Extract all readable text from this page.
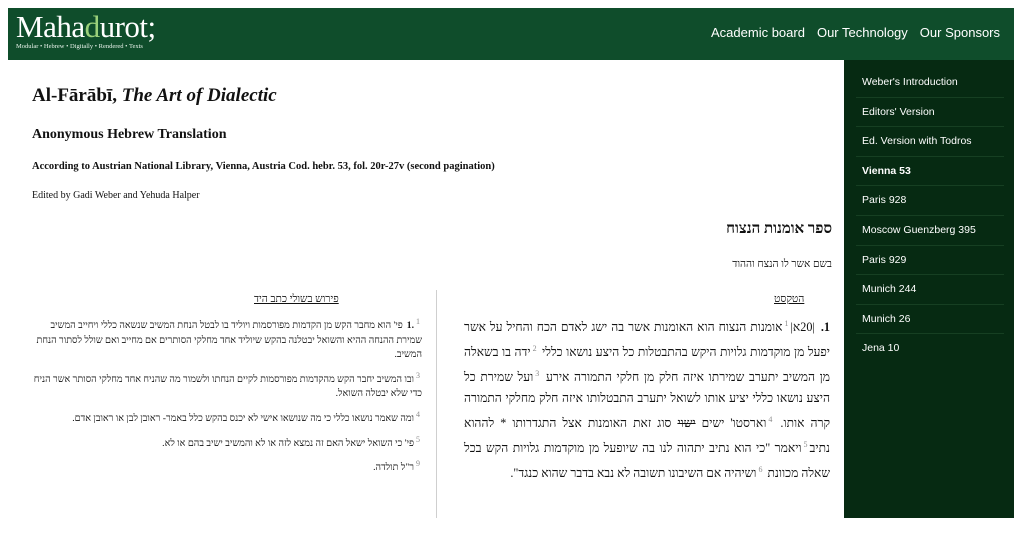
Mahadurot;
Modular • Hebrew • Digitally • Rendered • Texts
Academic board Our Technology Our Sponsors
Al-Fārābī, The Art of Dialectic
Anonymous Hebrew Translation
According to Austrian National Library, Vienna, Austria Cod. hebr. 53, fol. 20r-27v (second pagination)
Edited by Gadi Weber and Yehuda Halper
ספר אומנות הנצוח
בשם אשר לו הנצח וההוד
הטקסט
פירוש בשולי כתב היד
1. |20א|$^1$אומנות הנצוח הוא האומנות אשר בה ישג לאדם הכח והחיל על אשר יפעל מן מוקדמות גלויות היקש בהתבטלות כל היצע נושאו כללי $^2$ידה בו בשאלה מן המשיב יתערב שמירתו איזה חלק מן חלקי התמורה אירע $^3$ועל שמירת כל היצע נושאו כללי יציע אותו לשואל יתערב התבטלותו איזה חלק מחלקי התמורה קרה אותו. $^4$וארסטו' ישים ישוי סוג זאת האומנות אצל התגדרותו * לההוא נתיב$^5$ויאמר "כי הוא נתיב יתהוה לנו בה שיופעל מן מוקדמות גלויות הקש בכל שאלה מכוונת $^6$ושיהיה אם השיבונו תשובה לא נבא בדבר שהוא כנגד".
1. $^1$פי' הוא מחבר הקש מן הקדמות מפורסמות ויוליד בו לבטל הנחת המשיב שנשאה כללי ויחייב המשיב שמירת ההנחה ההיא והשואל יבטלנה בהקש שיוליד אחד מחלקי הסותרים אם מחייב ואם שולל לסתור הנחת המשיב.
$^3$ובו המשיב יחבר הקש מהקדמות מפורסמות לקיים הנחתו ולשמור מה שהניח אחד מחלקי הסותר אשר הניח כדי שלא יבטלה השואל.
$^4$ומה שאמר נושאו כללי כי מה שנושאו אישי לא יכנס בהקש כלל באמר- ראובן לבן או ראובן אדם.
$^5$פי' כי השואל ישאל האם זה נמצא לזה או לא והמשיב ישיב בהם או לא.
$^9$ר"ל תולדה.
Weber's Introduction
Editors' Version
Ed. Version with Todros
Vienna 53
Paris 928
Moscow Guenzberg 395
Paris 929
Munich 244
Munich 26
Jena 10
